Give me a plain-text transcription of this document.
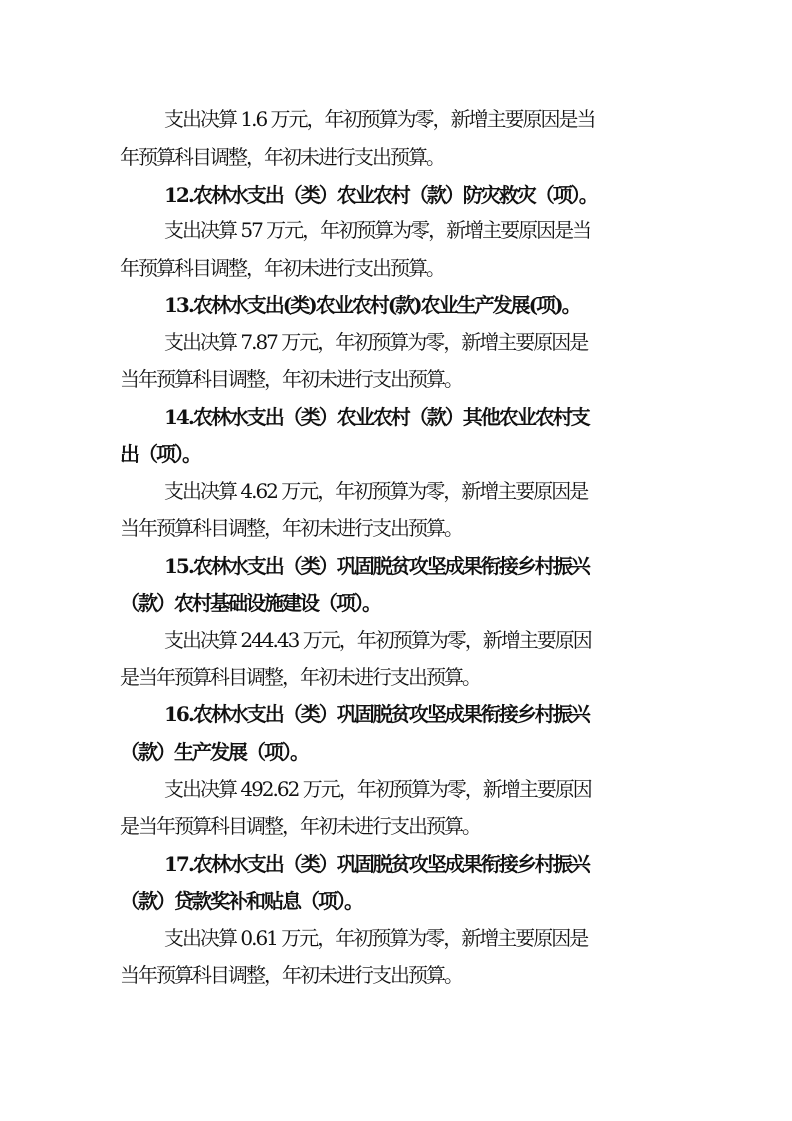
支出决算 1.6 万元，年初预算为零，新增主要原因是当
年预算科目调整，年初未进行支出预算。
12.农林水支出（类）农业农村（款）防灾救灾（项）。
支出决算 57 万元，年初预算为零，新增主要原因是当
年预算科目调整，年初未进行支出预算。
13.农林水支出(类)农业农村(款)农业生产发展(项)。
支出决算 7.87 万元，年初预算为零，新增主要原因是
当年预算科目调整，年初未进行支出预算。
14.农林水支出（类）农业农村（款）其他农业农村支
出（项）。
支出决算 4.62 万元，年初预算为零，新增主要原因是
当年预算科目调整，年初未进行支出预算。
15.农林水支出（类）巩固脱贫攻坚成果衔接乡村振兴
（款）农村基础设施建设（项）。
支出决算 244.43 万元，年初预算为零，新增主要原因
是当年预算科目调整，年初未进行支出预算。
16.农林水支出（类）巩固脱贫攻坚成果衔接乡村振兴
（款）生产发展（项）。
支出决算 492.62 万元，年初预算为零，新增主要原因
是当年预算科目调整，年初未进行支出预算。
17.农林水支出（类）巩固脱贫攻坚成果衔接乡村振兴
（款）贷款奖补和贴息（项）。
支出决算 0.61 万元，年初预算为零，新增主要原因是
当年预算科目调整，年初未进行支出预算。
